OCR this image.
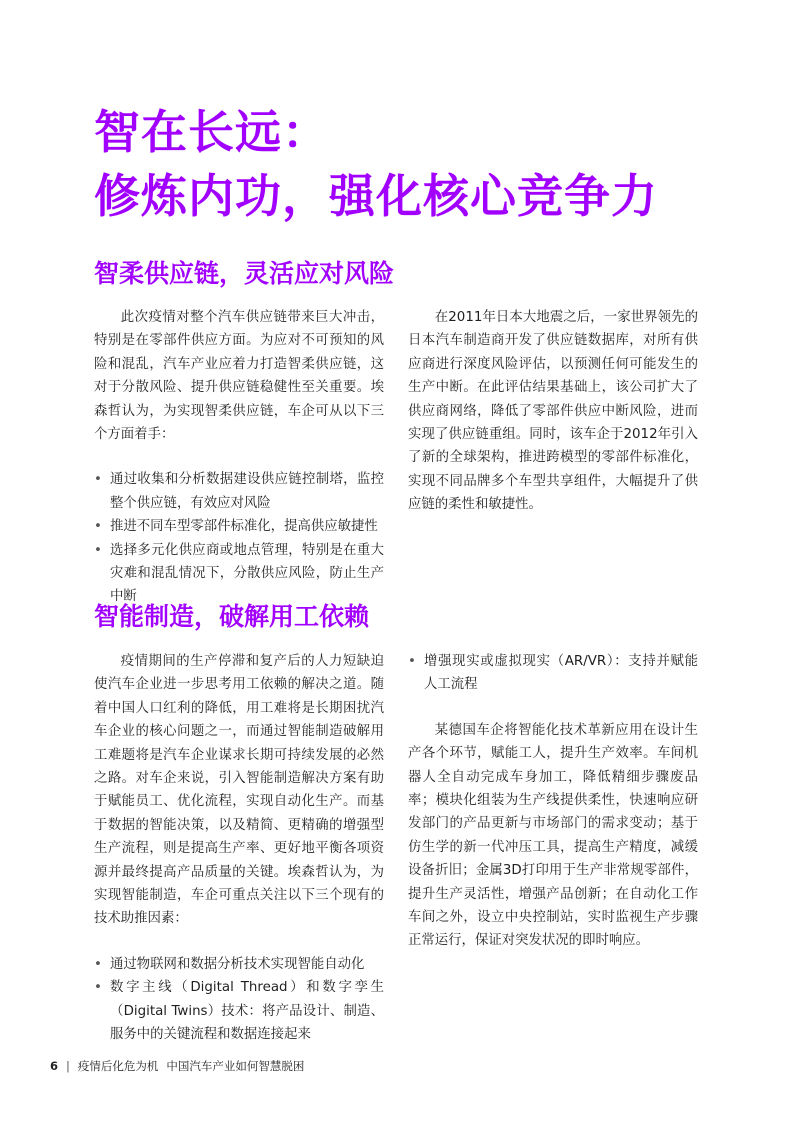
智在长远：
修炼内功，强化核心竞争力
智柔供应链，灵活应对风险

此次疫情对整个汽车供应链带来巨大冲击，特别是在零部件供应方面。为应对不可预知的风险和混乱，汽车产业应着力打造智柔供应链，这对于分散风险、提升供应链稳健性至关重要。埃森哲认为，为实现智柔供应链，车企可从以下三个方面着手：

• 通过收集和分析数据建设供应链控制塔，监控整个供应链，有效应对风险
• 推进不同车型零部件标准化，提高供应敏捷性
• 选择多元化供应商或地点管理，特别是在重大灾难和混乱情况下，分散供应风险，防止生产中断

在2011年日本大地震之后，一家世界领先的日本汽车制造商开发了供应链数据库，对所有供应商进行深度风险评估，以预测任何可能发生的生产中断。在此评估结果基础上，该公司扩大了供应商网络，降低了零部件供应中断风险，进而实现了供应链重组。同时，该车企于2012年引入了新的全球架构，推进跨模型的零部件标准化，实现不同品牌多个车型共享组件，大幅提升了供应链的柔性和敏捷性。

智能制造，破解用工依赖

疫情期间的生产停滞和复产后的人力短缺迫使汽车企业进一步思考用工依赖的解决之道。随着中国人口红利的降低，用工难将是长期困扰汽车企业的核心问题之一，而通过智能制造破解用工难题将是汽车企业谋求长期可持续发展的必然之路。对车企来说，引入智能制造解决方案有助于赋能员工、优化流程，实现自动化生产。而基于数据的智能决策，以及精简、更精确的增强型生产流程，则是提高生产率、更好地平衡各项资源并最终提高产品质量的关键。埃森哲认为，为实现智能制造，车企可重点关注以下三个现有的技术助推因素：

• 通过物联网和数据分析技术实现智能自动化
• 数字主线（Digital Thread）和数字孪生（Digital Twins）技术：将产品设计、制造、服务中的关键流程和数据连接起来
• 增强现实或虚拟现实（AR/VR）：支持并赋能人工流程

某德国车企将智能化技术革新应用在设计生产各个环节，赋能工人，提升生产效率。车间机器人全自动完成车身加工，降低精细步骤废品率；模块化组装为生产线提供柔性，快速响应研发部门的产品更新与市场部门的需求变动；基于仿生学的新一代冲压工具，提高生产精度，减缓设备折旧；金属3D打印用于生产非常规零部件，提升生产灵活性，增强产品创新；在自动化工作车间之外，设立中央控制站，实时监视生产步骤正常运行，保证对突发状况的即时响应。

6 | 疫情后化危为机 中国汽车产业如何智慧脱困
